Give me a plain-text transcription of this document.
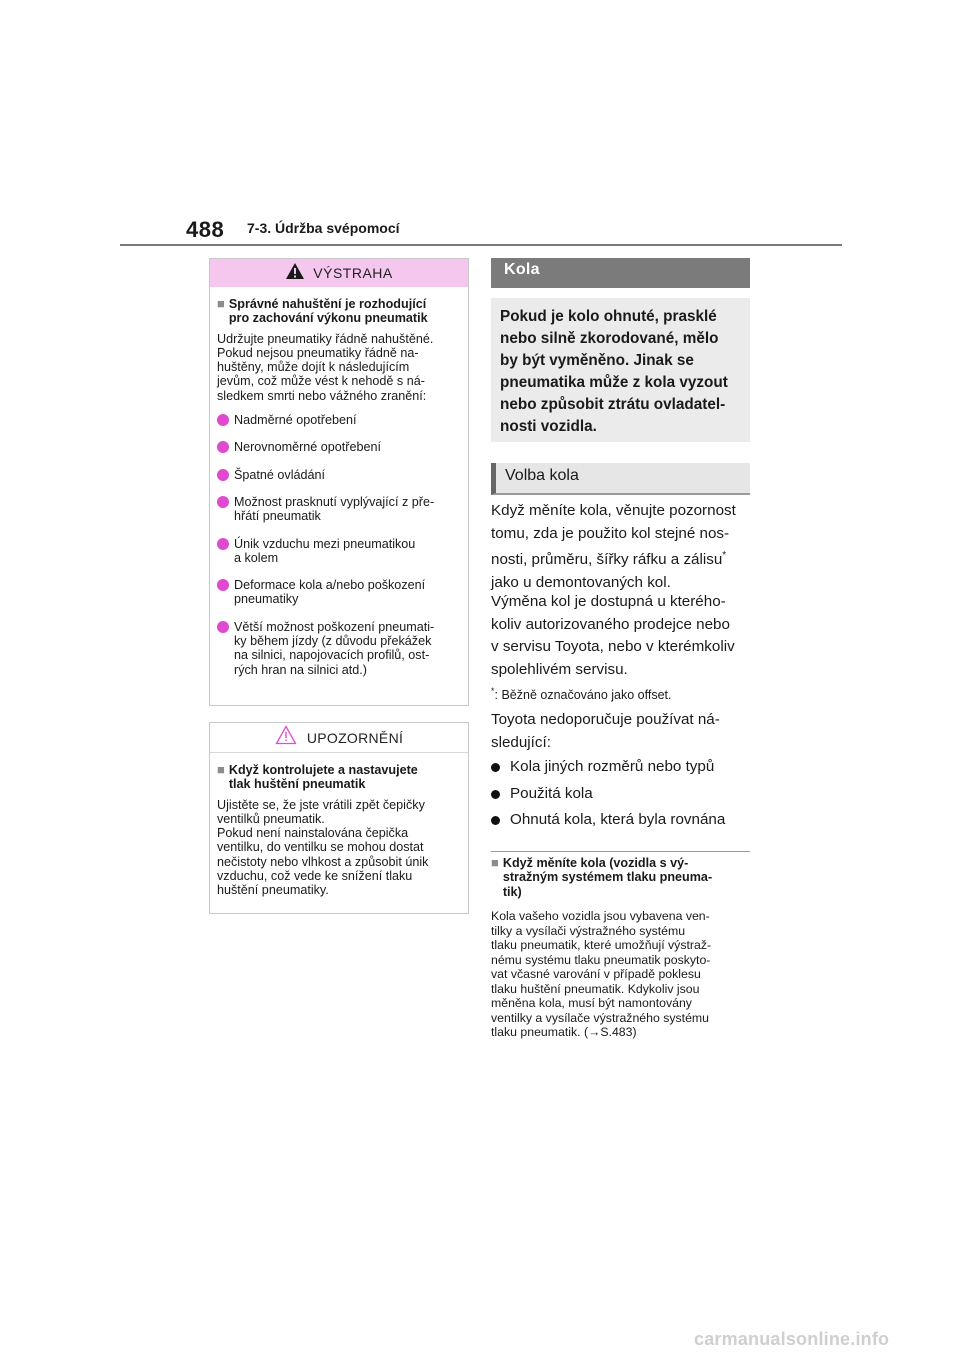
488 7-3. Údržba svépomocí
VÝSTRAHA
■ Správné nahuštění je rozhodující
pro zachování výkonu pneumatik
Udržujte pneumatiky řádně nahuštěné.
Pokud nejsou pneumatiky řádně na-
huštěny, může dojít k následujícím
jevům, což může vést k nehodě s ná-
sledkem smrti nebo vážného zranění:
Nadměrné opotřebení
Nerovnoměrné opotřebení
Špatné ovládání
Možnost prasknutí vyplývající z pře-
hřátí pneumatik
Únik vzduchu mezi pneumatikou
a kolem
Deformace kola a/nebo poškození
pneumatiky
Větší možnost poškození pneumati-
ky během jízdy (z důvodu překážek
na silnici, napojovacích profilů, ost-
rých hran na silnici atd.)
UPOZORNĚNÍ
■ Když kontrolujete a nastavujete
tlak huštění pneumatik
Ujistěte se, že jste vrátili zpět čepičky
ventilků pneumatik.
Pokud není nainstalována čepička
ventilku, do ventilku se mohou dostat
nečistoty nebo vlhkost a způsobit únik
vzduchu, což vede ke snížení tlaku
huštění pneumatiky.
Kola
Pokud je kolo ohnuté, prasklé
nebo silně zkorodované, mělo
by být vyměněno. Jinak se
pneumatika může z kola vyzout
nebo způsobit ztrátu ovladatel-
nosti vozidla.
Volba kola
Když měníte kola, věnujte pozornost
tomu, zda je použito kol stejné nos-
nosti, průměru, šířky ráfku a zálisu*
jako u demontovaných kol.
Výměna kol je dostupná u kterého-
koliv autorizovaného prodejce nebo
v servisu Toyota, nebo v kterémkoliv
spolehlivém servisu.
*: Běžně označováno jako offset.
Toyota nedoporučuje používat ná-
sledující:
Kola jiných rozměrů nebo typů
Použitá kola
Ohnutá kola, která byla rovnána
■ Když měníte kola (vozidla s vý-
stražným systémem tlaku pneuma-
tik)
Kola vašeho vozidla jsou vybavena ven-
tilky a vysílači výstražného systému
tlaku pneumatik, které umožňují výstraž-
nému systému tlaku pneumatik poskyto-
vat včasné varování v případě poklesu
tlaku huštění pneumatik. Kdykoliv jsou
měněna kola, musí být namontovány
ventilky a vysílače výstražného systému
tlaku pneumatik. (→S.483)
carmanualsonline.info
